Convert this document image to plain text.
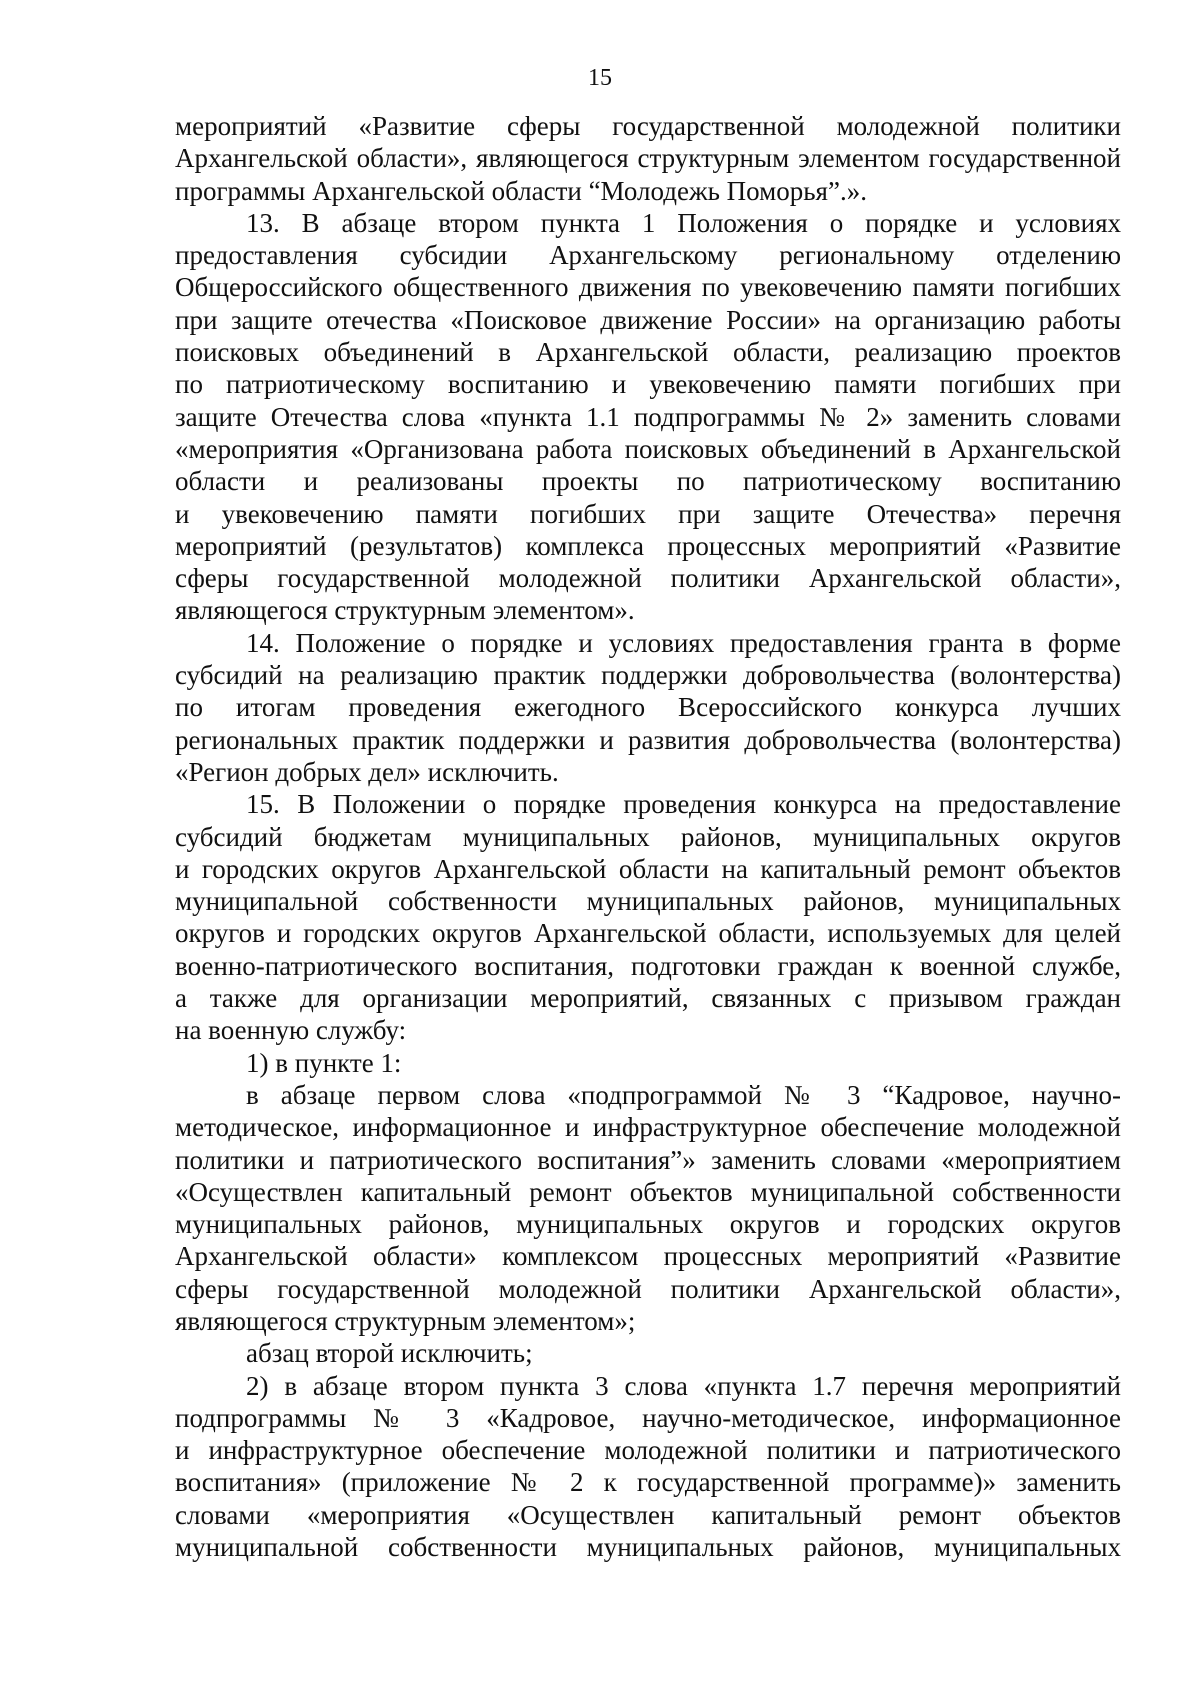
15
мероприятий «Развитие сферы государственной молодежной политики
Архангельской области», являющегося структурным элементом государственной
программы Архангельской области “Молодежь Поморья”.».
13. В абзаце втором пункта 1 Положения о порядке и условиях
предоставления субсидии Архангельскому региональному отделению
Общероссийского общественного движения по увековечению памяти погибших
при защите отечества «Поисковое движение России» на организацию работы
поисковых объединений в Архангельской области, реализацию проектов
по патриотическому воспитанию и увековечению памяти погибших при
защите Отечества слова «пункта 1.1 подпрограммы № 2» заменить словами
«мероприятия «Организована работа поисковых объединений в Архангельской
области и реализованы проекты по патриотическому воспитанию
и увековечению памяти погибших при защите Отечества» перечня
мероприятий (результатов) комплекса процессных мероприятий «Развитие
сферы государственной молодежной политики Архангельской области»,
являющегося структурным элементом».
14. Положение о порядке и условиях предоставления гранта в форме
субсидий на реализацию практик поддержки добровольчества (волонтерства)
по итогам проведения ежегодного Всероссийского конкурса лучших
региональных практик поддержки и развития добровольчества (волонтерства)
«Регион добрых дел» исключить.
15. В Положении о порядке проведения конкурса на предоставление
субсидий бюджетам муниципальных районов, муниципальных округов
и городских округов Архангельской области на капитальный ремонт объектов
муниципальной собственности муниципальных районов, муниципальных
округов и городских округов Архангельской области, используемых для целей
военно-патриотического воспитания, подготовки граждан к военной службе,
а также для организации мероприятий, связанных с призывом граждан
на военную службу:
1) в пункте 1:
в абзаце первом слова «подпрограммой № 3 “Кадровое, научно-
методическое, информационное и инфраструктурное обеспечение молодежной
политики и патриотического воспитания”» заменить словами «мероприятием
«Осуществлен капитальный ремонт объектов муниципальной собственности
муниципальных районов, муниципальных округов и городских округов
Архангельской области» комплексом процессных мероприятий «Развитие
сферы государственной молодежной политики Архангельской области»,
являющегося структурным элементом»;
абзац второй исключить;
2) в абзаце втором пункта 3 слова «пункта 1.7 перечня мероприятий
подпрограммы № 3 «Кадровое, научно-методическое, информационное
и инфраструктурное обеспечение молодежной политики и патриотического
воспитания» (приложение № 2 к государственной программе)» заменить
словами «мероприятия «Осуществлен капитальный ремонт объектов
муниципальной собственности муниципальных районов, муниципальных
